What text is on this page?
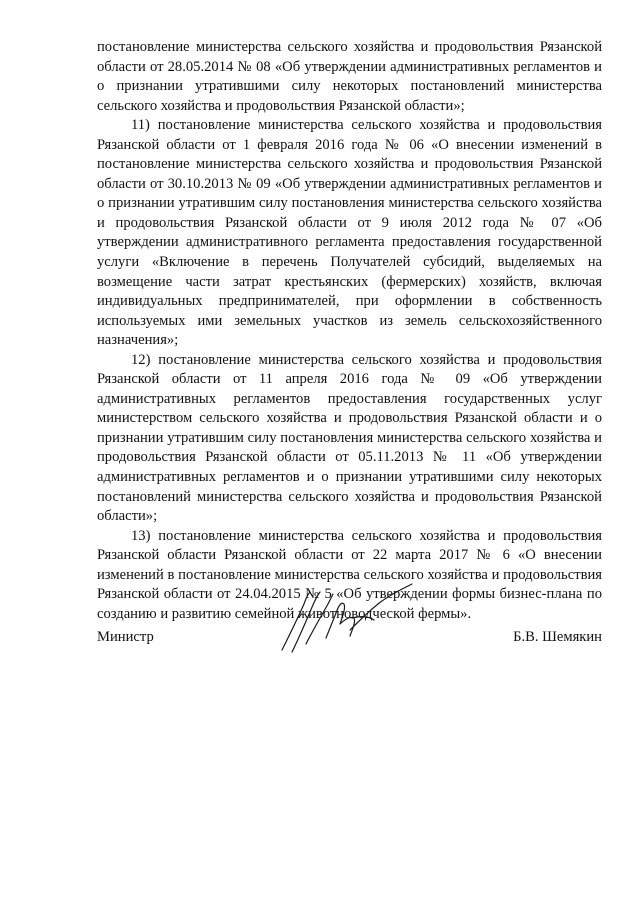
постановление министерства сельского хозяйства и продовольствия Рязанской области от 28.05.2014 № 08 «Об утверждении административных регламентов и о признании утратившими силу некоторых постановлений министерства сельского хозяйства и продовольствия Рязанской области»;

11) постановление министерства сельского хозяйства и продовольствия Рязанской области от 1 февраля 2016 года № 06 «О внесении изменений в постановление министерства сельского хозяйства и продовольствия Рязанской области от 30.10.2013 № 09 «Об утверждении административных регламентов и о признании утратившим силу постановления министерства сельского хозяйства и продовольствия Рязанской области от 9 июля 2012 года № 07 «Об утверждении административного регламента предоставления государственной услуги «Включение в перечень Получателей субсидий, выделяемых на возмещение части затрат крестьянских (фермерских) хозяйств, включая индивидуальных предпринимателей, при оформлении в собственность используемых ими земельных участков из земель сельскохозяйственного назначения»;

12) постановление министерства сельского хозяйства и продовольствия Рязанской области от 11 апреля 2016 года № 09 «Об утверждении административных регламентов предоставления государственных услуг министерством сельского хозяйства и продовольствия Рязанской области и о признании утратившим силу постановления министерства сельского хозяйства и продовольствия Рязанской области от 05.11.2013 № 11 «Об утверждении административных регламентов и о признании утратившими силу некоторых постановлений министерства сельского хозяйства и продовольствия Рязанской области»;

13) постановление министерства сельского хозяйства и продовольствия Рязанской области Рязанской области от 22 марта 2017 № 6 «О внесении изменений в постановление министерства сельского хозяйства и продовольствия Рязанской области от 24.04.2015 № 5 «Об утверждении формы бизнес-плана по созданию и развитию семейной животноводческой фермы».

Министр	Б.В. Шемякин
